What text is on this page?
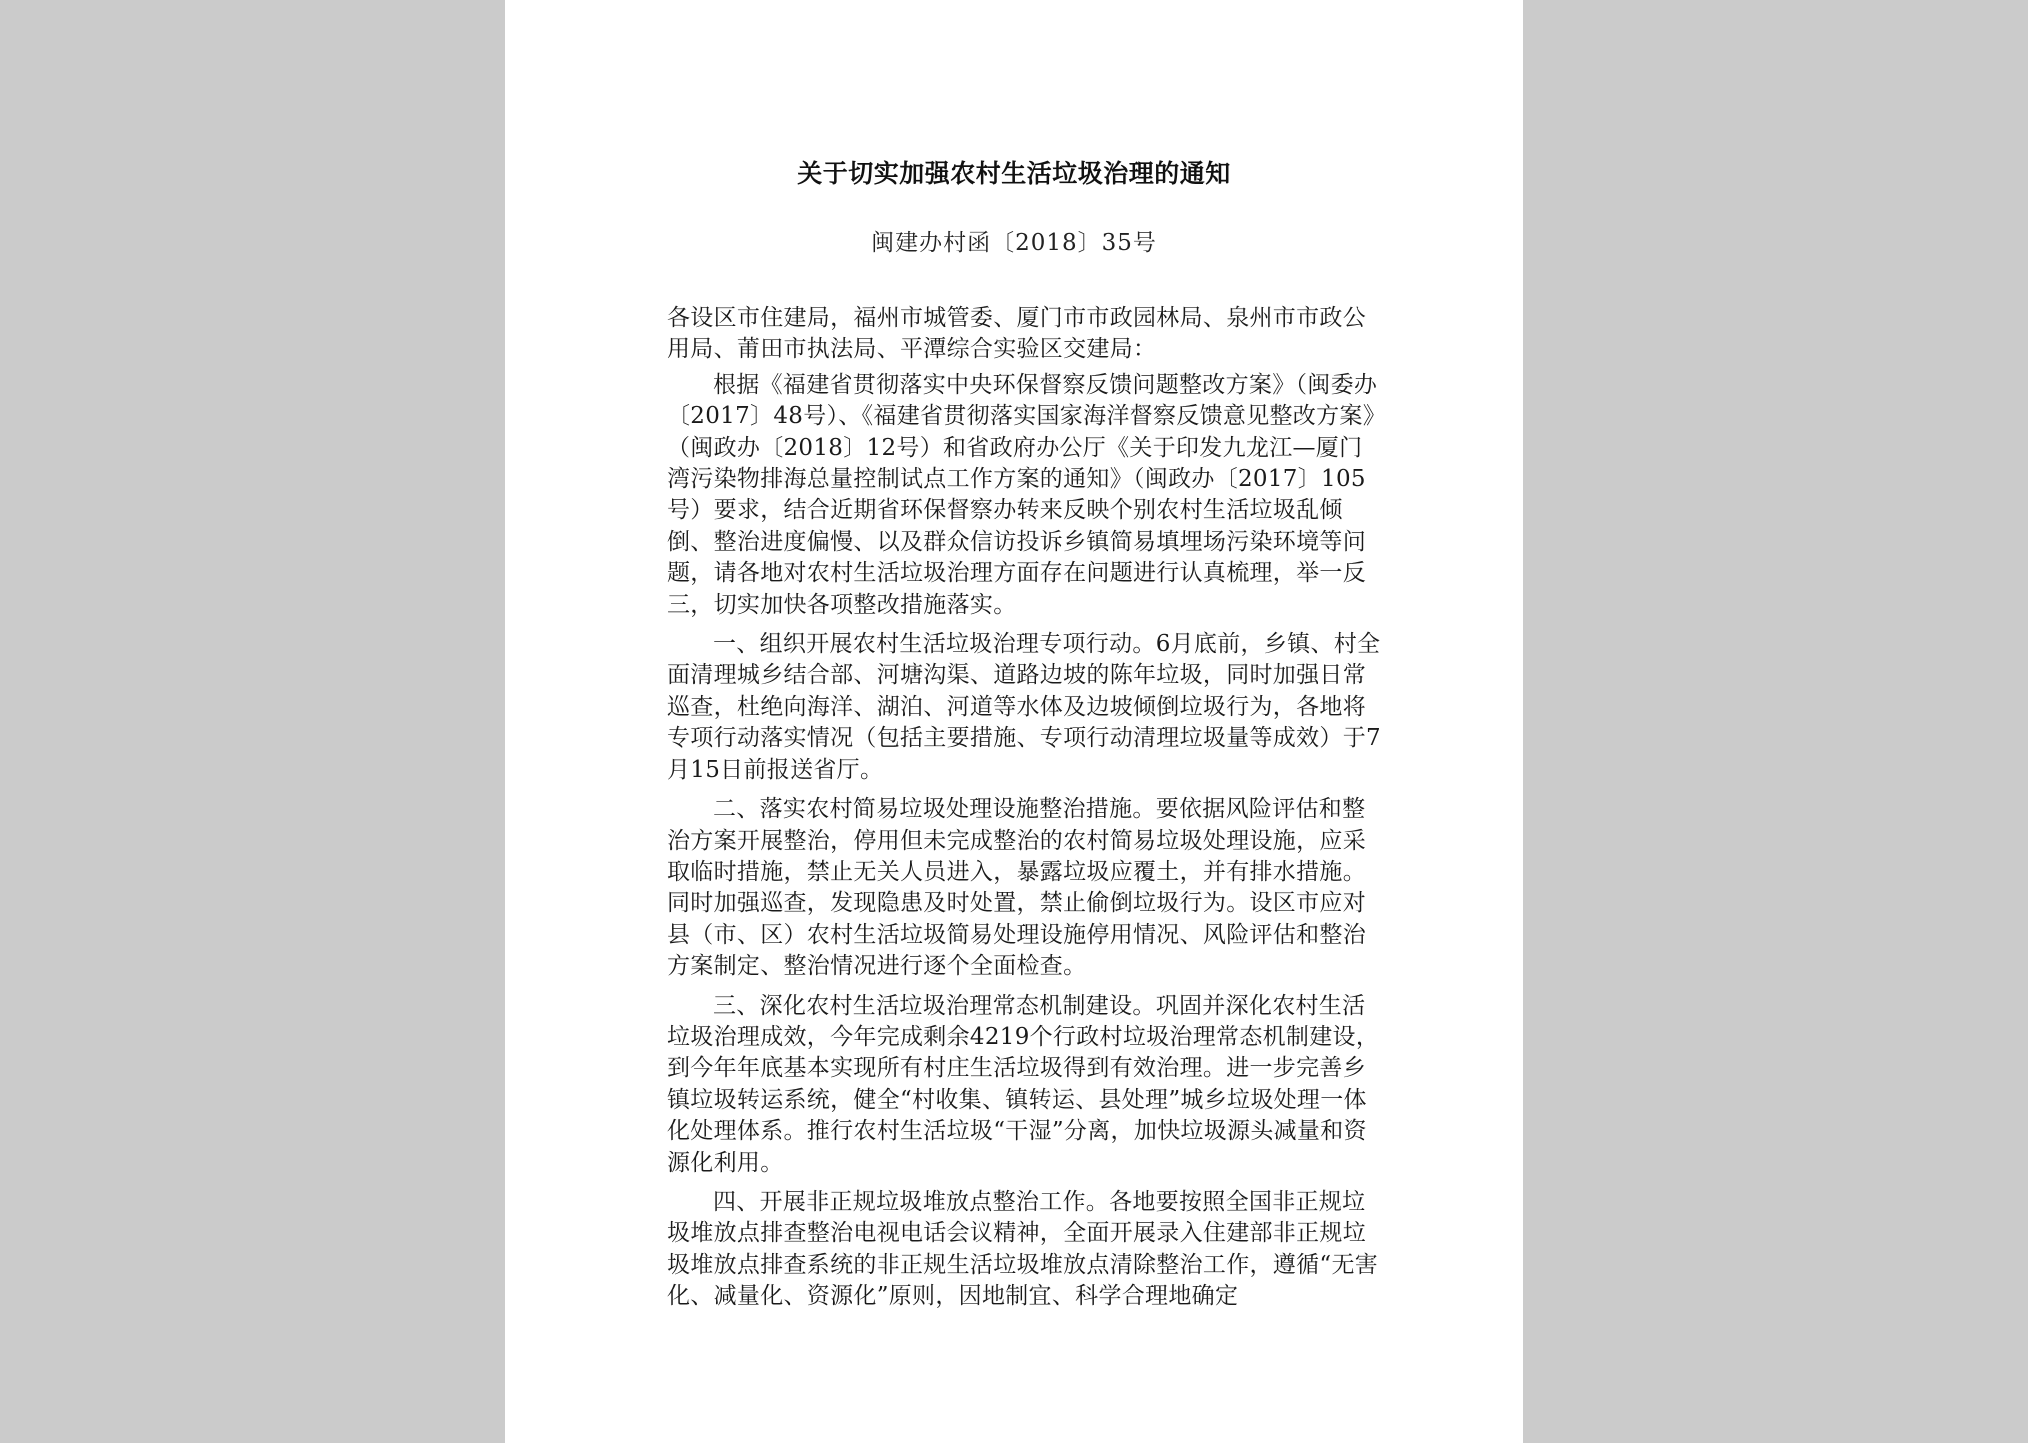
关于切实加强农村生活垃圾治理的通知
闽建办村函〔2018〕35号

各设区市住建局，福州市城管委、厦门市市政园林局、泉州市市政公用局、莆田市执法局、平潭综合实验区交建局：

根据《福建省贯彻落实中央环保督察反馈问题整改方案》（闽委办〔2017〕48号）、《福建省贯彻落实国家海洋督察反馈意见整改方案》（闽政办〔2018〕12号）和省政府办公厅《关于印发九龙江—厦门湾污染物排海总量控制试点工作方案的通知》（闽政办〔2017〕105号）要求，结合近期省环保督察办转来反映个别农村生活垃圾乱倾倒、整治进度偏慢、以及群众信访投诉乡镇简易填埋场污染环境等问题，请各地对农村生活垃圾治理方面存在问题进行认真梳理，举一反三，切实加快各项整改措施落实。

一、组织开展农村生活垃圾治理专项行动。6月底前，乡镇、村全面清理城乡结合部、河塘沟渠、道路边坡的陈年垃圾，同时加强日常巡查，杜绝向海洋、湖泊、河道等水体及边坡倾倒垃圾行为，各地将专项行动落实情况（包括主要措施、专项行动清理垃圾量等成效）于7月15日前报送省厅。

二、落实农村简易垃圾处理设施整治措施。要依据风险评估和整治方案开展整治，停用但未完成整治的农村简易垃圾处理设施，应采取临时措施，禁止无关人员进入，暴露垃圾应覆土，并有排水措施。同时加强巡查，发现隐患及时处置，禁止偷倒垃圾行为。设区市应对县（市、区）农村生活垃圾简易处理设施停用情况、风险评估和整治方案制定、整治情况进行逐个全面检查。

三、深化农村生活垃圾治理常态机制建设。巩固并深化农村生活垃圾治理成效，今年完成剩余4219个行政村垃圾治理常态机制建设，到今年年底基本实现所有村庄生活垃圾得到有效治理。进一步完善乡镇垃圾转运系统，健全“村收集、镇转运、县处理”城乡垃圾处理一体化处理体系。推行农村生活垃圾“干湿”分离，加快垃圾源头减量和资源化利用。

四、开展非正规垃圾堆放点整治工作。各地要按照全国非正规垃圾堆放点排查整治电视电话会议精神，全面开展录入住建部非正规垃圾堆放点排查系统的非正规生活垃圾堆放点清除整治工作，遵循“无害化、减量化、资源化”原则，因地制宜、科学合理地确定
